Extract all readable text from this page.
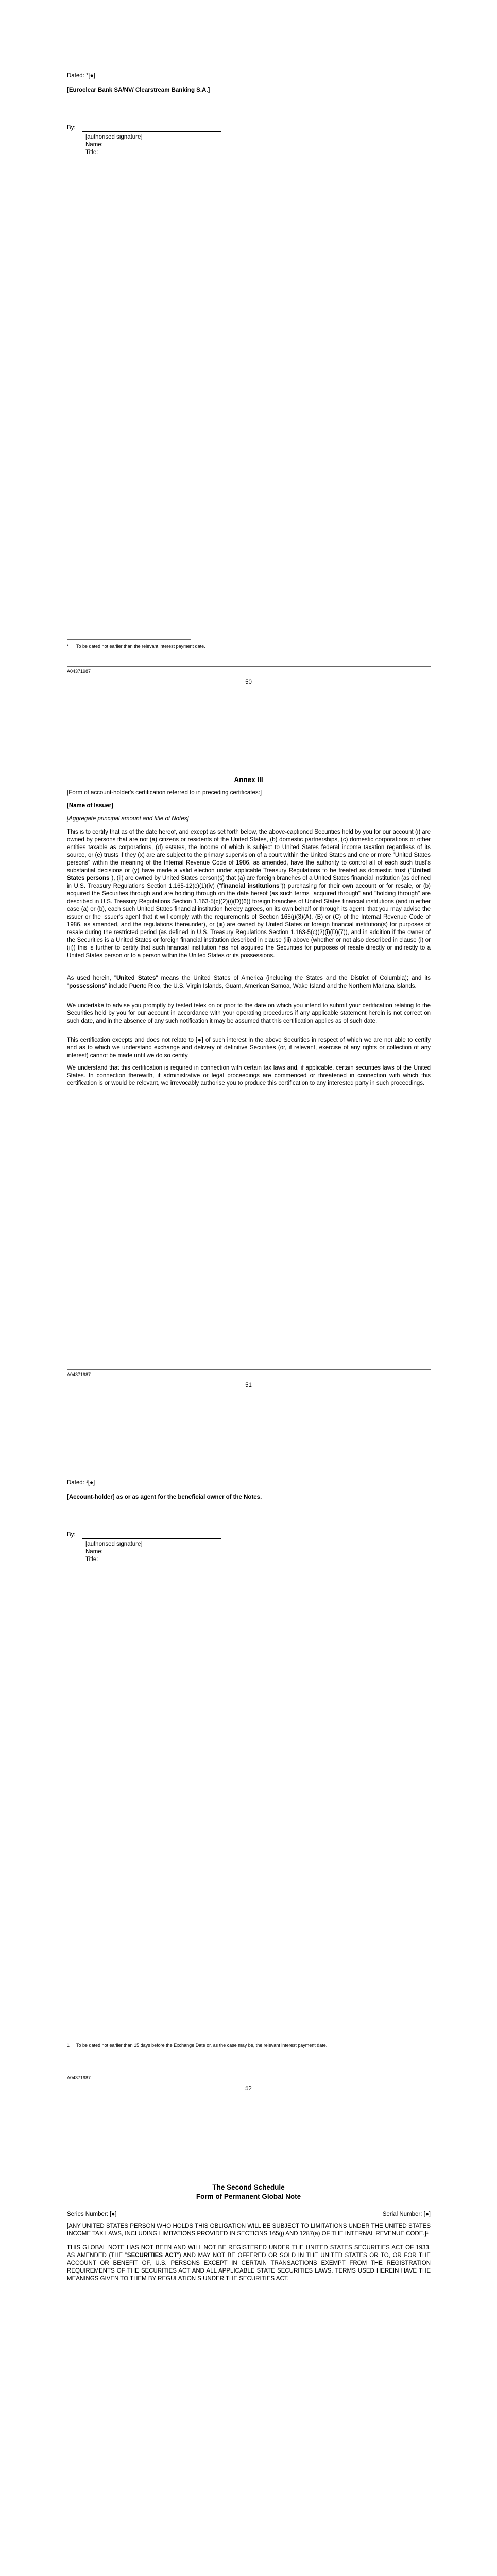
Dated: *[●]
[Euroclear Bank SA/NV/ Clearstream Banking S.A.]
By:
[authorised signature]
Name:
Title:
* To be dated not earlier than the relevant interest payment date.
A04371987
50
Annex III
[Form of account-holder's certification referred to in preceding certificates:]
[Name of Issuer]
[Aggregate principal amount and title of Notes]

This is to certify that as of the date hereof, and except as set forth below, the above-captioned Securities held by you for our account (i) are owned by persons that are not (a) citizens or residents of the United States, (b) domestic partnerships, (c) domestic corporations or other entities taxable as corporations, (d) estates, the income of which is subject to United States federal income taxation regardless of its source, or (e) trusts if they (x) are are subject to the primary supervision of a court within the United States and one or more "United States persons" within the meaning of the Internal Revenue Code of 1986, as amended, have the authority to control all of each such trust's substantial decisions or (y) have made a valid election under applicable Treasury Regulations to be treated as domestic trust ("United States persons"), (ii) are owned by United States person(s) that (a) are foreign branches of a United States financial institution (as defined in U.S. Treasury Regulations Section 1.165-12(c)(1)(iv) ("financial institutions")) purchasing for their own account or for resale, or (b) acquired the Securities through and are holding through on the date hereof (as such terms "acquired through" and "holding through" are described in U.S. Treasury Regulations Section 1.163-5(c)(2)(i)(D)(6)) foreign branches of United States financial institutions (and in either case (a) or (b), each such United States financial institution hereby agrees, on its own behalf or through its agent, that you may advise the issuer or the issuer's agent that it will comply with the requirements of Section 165(j)(3)(A), (B) or (C) of the Internal Revenue Code of 1986, as amended, and the regulations thereunder), or (iii) are owned by United States or foreign financial institution(s) for purposes of resale during the restricted period (as defined in U.S. Treasury Regulations Section 1.163-5(c)(2)(i)(D)(7)), and in addition if the owner of the Securities is a United States or foreign financial institution described in clause (iii) above (whether or not also described in clause (i) or (ii)) this is further to certify that such financial institution has not acquired the Securities for purposes of resale directly or indirectly to a United States person or to a person within the United States or its possessions.

As used herein, "United States" means the United States of America (including the States and the District of Columbia); and its "possessions" include Puerto Rico, the U.S. Virgin Islands, Guam, American Samoa, Wake Island and the Northern Mariana Islands.

We undertake to advise you promptly by tested telex on or prior to the date on which you intend to submit your certification relating to the Securities held by you for our account in accordance with your operating procedures if any applicable statement herein is not correct on such date, and in the absence of any such notification it may be assumed that this certification applies as of such date.

This certification excepts and does not relate to [●] of such interest in the above Securities in respect of which we are not able to certify and as to which we understand exchange and delivery of definitive Securities (or, if relevant, exercise of any rights or collection of any interest) cannot be made until we do so certify.

We understand that this certification is required in connection with certain tax laws and, if applicable, certain securities laws of the United States. In connection therewith, if administrative or legal proceedings are commenced or threatened in connection with which this certification is or would be relevant, we irrevocably authorise you to produce this certification to any interested party in such proceedings.

A04371987
51
Dated: ¹[●]
[Account-holder] as or as agent for the beneficial owner of the Notes.
By:
[authorised signature]
Name:
Title:
1 To be dated not earlier than 15 days before the Exchange Date or, as the case may be, the relevant interest payment date.
A04371987
52
The Second Schedule
Form of Permanent Global Note
Series Number: [●]	Serial Number: [●]

[ANY UNITED STATES PERSON WHO HOLDS THIS OBLIGATION WILL BE SUBJECT TO LIMITATIONS UNDER THE UNITED STATES INCOME TAX LAWS, INCLUDING LIMITATIONS PROVIDED IN SECTIONS 165(j) AND 1287(a) OF THE INTERNAL REVENUE CODE.]¹

THIS GLOBAL NOTE HAS NOT BEEN AND WILL NOT BE REGISTERED UNDER THE UNITED STATES SECURITIES ACT OF 1933, AS AMENDED (THE "SECURITIES ACT") AND MAY NOT BE OFFERED OR SOLD IN THE UNITED STATES OR TO, OR FOR THE ACCOUNT OR BENEFIT OF, U.S. PERSONS EXCEPT IN CERTAIN TRANSACTIONS EXEMPT FROM THE REGISTRATION REQUIREMENTS OF THE SECURITIES ACT AND ALL APPLICABLE STATE SECURITIES LAWS. TERMS USED HEREIN HAVE THE MEANINGS GIVEN TO THEM BY REGULATION S UNDER THE SECURITIES ACT.
